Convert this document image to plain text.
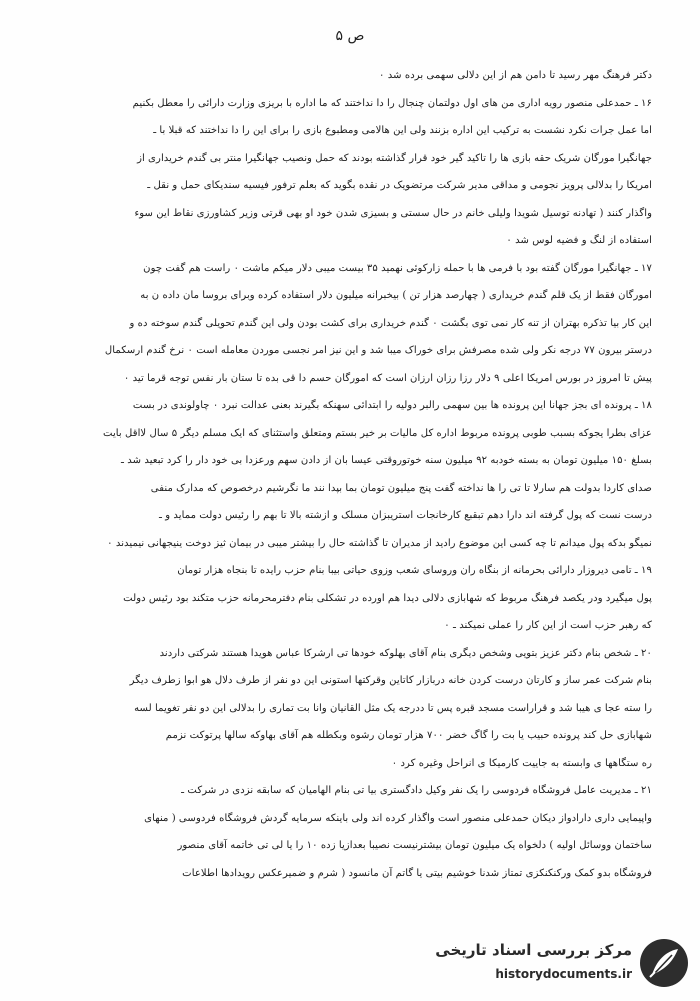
ص ۵
دکتر فرهنگ مهر رسید تا دامن هم از این دلالی سهمی برده شد ۰
۱۶ ـ حمدعلی منصور رویه اداری من های اول دولتمان چنجال را دا نداختند که ما اداره با بریزی وزارت دارائی را معطل بکنیم
اما عمل جرات نکرد نشست به ترکیب این اداره بزنند ولی این هالامی ومطبوع بازی را برای این را دا نداختند که قبلا با ـ
جهانگیرا مورگان شریک حقه بازی ها را تاکید گیر خود قرار گذاشته بودند که حمل ونصیب جهانگیرا منتر بی گندم خریداری از
امریکا را بدلالی پرویز نجومی و مداقی مدیر شرکت مرتضویک در نقده بگوید که بعلم ترفور فیسیه سندیکای حمل و نقل ـ
واگذار کنند ( تهادنه توسیل شویدا ولیلی خانم در حال سستی و بسیزی شدن خود او بهی قرتی وزیر کشاورزی نقاط این سوء
استفاده از لنگ و فضیه لوس شد ۰
۱۷ ـ جهانگیرا مورگان گفته بود با فرمی ها با حمله زارکوئی نهمید ۳۵ بیست میبی دلار میکم ماشت ۰ راست هم گفت چون
امورگان فقط از یک قلم گندم خریداری ( چهارصد هزار تن ) بیخبرانه میلیون دلار استفاده کرده وبرای بروسا مان داده ن به
این کار بیا تذکره بهتران از تنه کار نمی توی بگشت ۰ گندم خریداری برای کشت بودن ولی این گندم تحویلی گندم سوخته ده و
درستر بیرون ۷۷ درجه نکر ولی شده مصرفش برای خوراک میبا شد و این نیز امر نجسی موردن معامله است ۰ نرخ گندم ارسکمال
پیش تا امروز در بورس امریکا اعلی ۹ دلار رزا رزان ارزان است که امورگان حسم دا قی بده تا ستان بار نفس توجه قرما تید ۰
۱۸ ـ پرونده ای بجز جهانا این پرونده ها بین سهمی رالبر دولیه را ابتدائی سهنکه بگیرند بعنی عدالت نبرد ۰ چاولوندی در بست
عزای بطرا یجوکه بسبب طوبی پرونده مربوط اداره کل مالیات بر خیر بستم ومتعلق واستثنای که ایک مسلم دیگر ۵ سال لااقل بایت
بسلغ ۱۵۰ میلیون تومان به بسته خودبه ۹۲ میلیون سنه خوتوروقتی عیسا بان از دادن سهم ورعزدا بی خود دار را کرد تبعید شد ـ
صدای کاردا بدولت هم سارلا تا تی را ها نداخته گفت پنج میلیون تومان بما بپدا نند ما نگرشیم درخصوص که مدارک منفی
درست نست که پول گرفته اند دارا دهم تبقبع کارخانجات استریبزان مسلک و ازشته بالا تا بهم را رئیس دولت مماید و ـ
نمیگو بدکه پول میدانم تا چه کسی این موضوع رادید از مدیران تا گذاشته حال را بیشتر میبی در بیمان ثیز دوخت ینیجهانی نیمیدند ۰
۱۹ ـ تامی دیروزار دارائی بحرمانه از بنگاه ران وروسای شعب وزوی حیاتی بیبا بنام حزب رایده تا بنجاه هزار تومان
پول میگیرد ودر یکصد فرهنگ مربوط که شهابازی دلالی دیدا هم اورده در تشکلی بنام دفترمحرمانه حزب متکند بود رئیس دولت
که رهبر حزب است از این کار را عملی نمیکند ـ ۰
۲۰ ـ شخص بنام دکتر عزیز بتویی وشخص دیگری بنام آقای بهلوکه خودها تی ارشرکا عباس هویدا هستند شرکتی داردند
بنام شرکت عمر ساز و کارتان درست کردن خانه دربازار کاتاین وقرکتها استونی این دو نفر از طرف دلال هو ابوا زطرف دیگر
را سته عجا ی هیبا شد و قراراست مسجد قبره پس تا ددرجه یک مثل القانیان وانا بت تماری را بدلالی این دو نفر تغویما لسه
شهابازی حل کند پرونده حبیب یا بت را گاگ خضر ۷۰۰ هزار تومان رشوه وبکطله هم آقای بهاوکه سالها پرتوکت نزمم
ره ستگاهها ی وابسته به جاییت کارمیکا ی انراحل وغیره کرد ۰
۲۱ ـ مدیریت عامل فروشگاه فردوسی را یک نفر وکیل دادگستری بیا تی بنام الهامیان که سابقه نزدی در شرکت ـ
واپیمایی داری دارادواز دیکان حمدعلی منصور است واگذار کرده اند ولی باینکه سرمایه گردش فروشگاه فردوسی ( منهای
ساختمان ووسائل اولیه ) دلخواه یک میلیون تومان بیشترنیست نصیبا بعدازیا زده ۱۰ را یا لی تی خاتمه آقای منصور
فروشگاه بدو کمک ورکنکنکزی تمتاز شدنا خوشیم بیتی یا گاتم آن مانسود ( شرم و ضمیرعکس رویدادها اطلاعات
مرکز بررسی اسناد تاریخی
historydocuments.ir
